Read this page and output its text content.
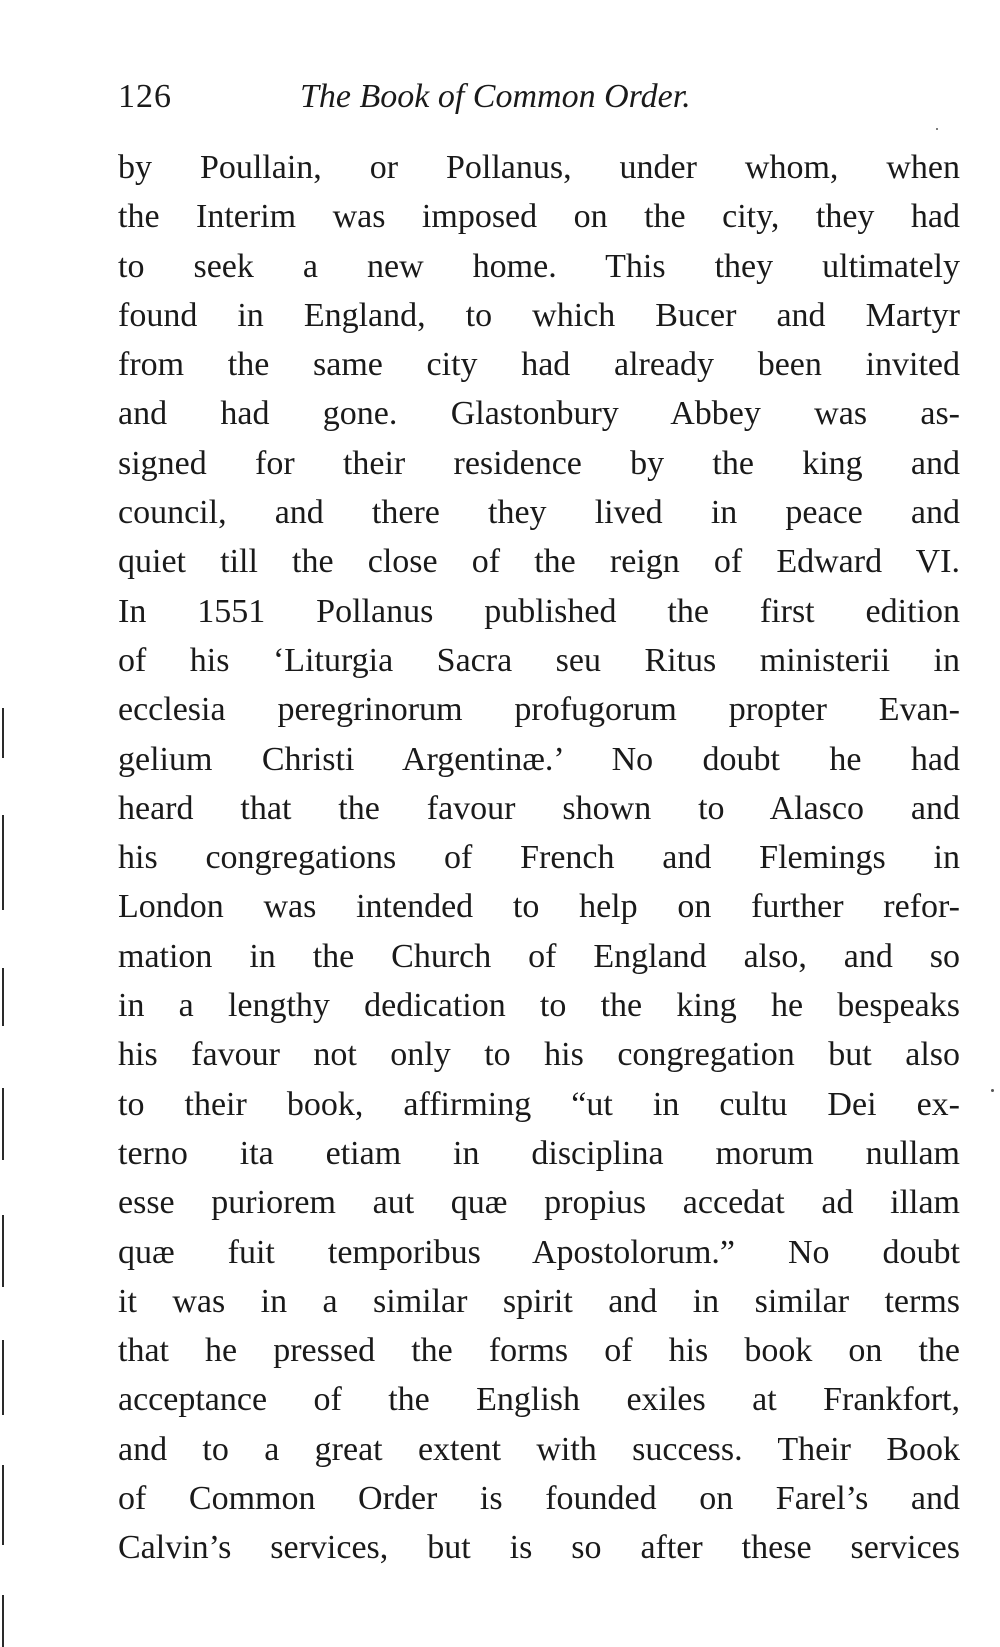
126	The Book of Common Order.
by Poullain, or Pollanus, under whom, when
the Interim was imposed on the city, they had
to seek a new home. This they ultimately
found in England, to which Bucer and Martyr
from the same city had already been invited
and had gone. Glastonbury Abbey was as-
signed for their residence by the king and
council, and there they lived in peace and
quiet till the close of the reign of Edward VI.
In 1551 Pollanus published the first edition
of his ‘Liturgia Sacra seu Ritus ministerii in
ecclesia peregrinorum profugorum propter Evan-
gelium Christi Argentinæ.’ No doubt he had
heard that the favour shown to Alasco and
his congregations of French and Flemings in
London was intended to help on further refor-
mation in the Church of England also, and so
in a lengthy dedication to the king he bespeaks
his favour not only to his congregation but also
to their book, affirming “ut in cultu Dei ex-
terno ita etiam in disciplina morum nullam
esse puriorem aut quæ propius accedat ad illam
quæ fuit temporibus Apostolorum.” No doubt
it was in a similar spirit and in similar terms
that he pressed the forms of his book on the
acceptance of the English exiles at Frankfort,
and to a great extent with success. Their Book
of Common Order is founded on Farel’s and
Calvin’s services, but is so after these services
